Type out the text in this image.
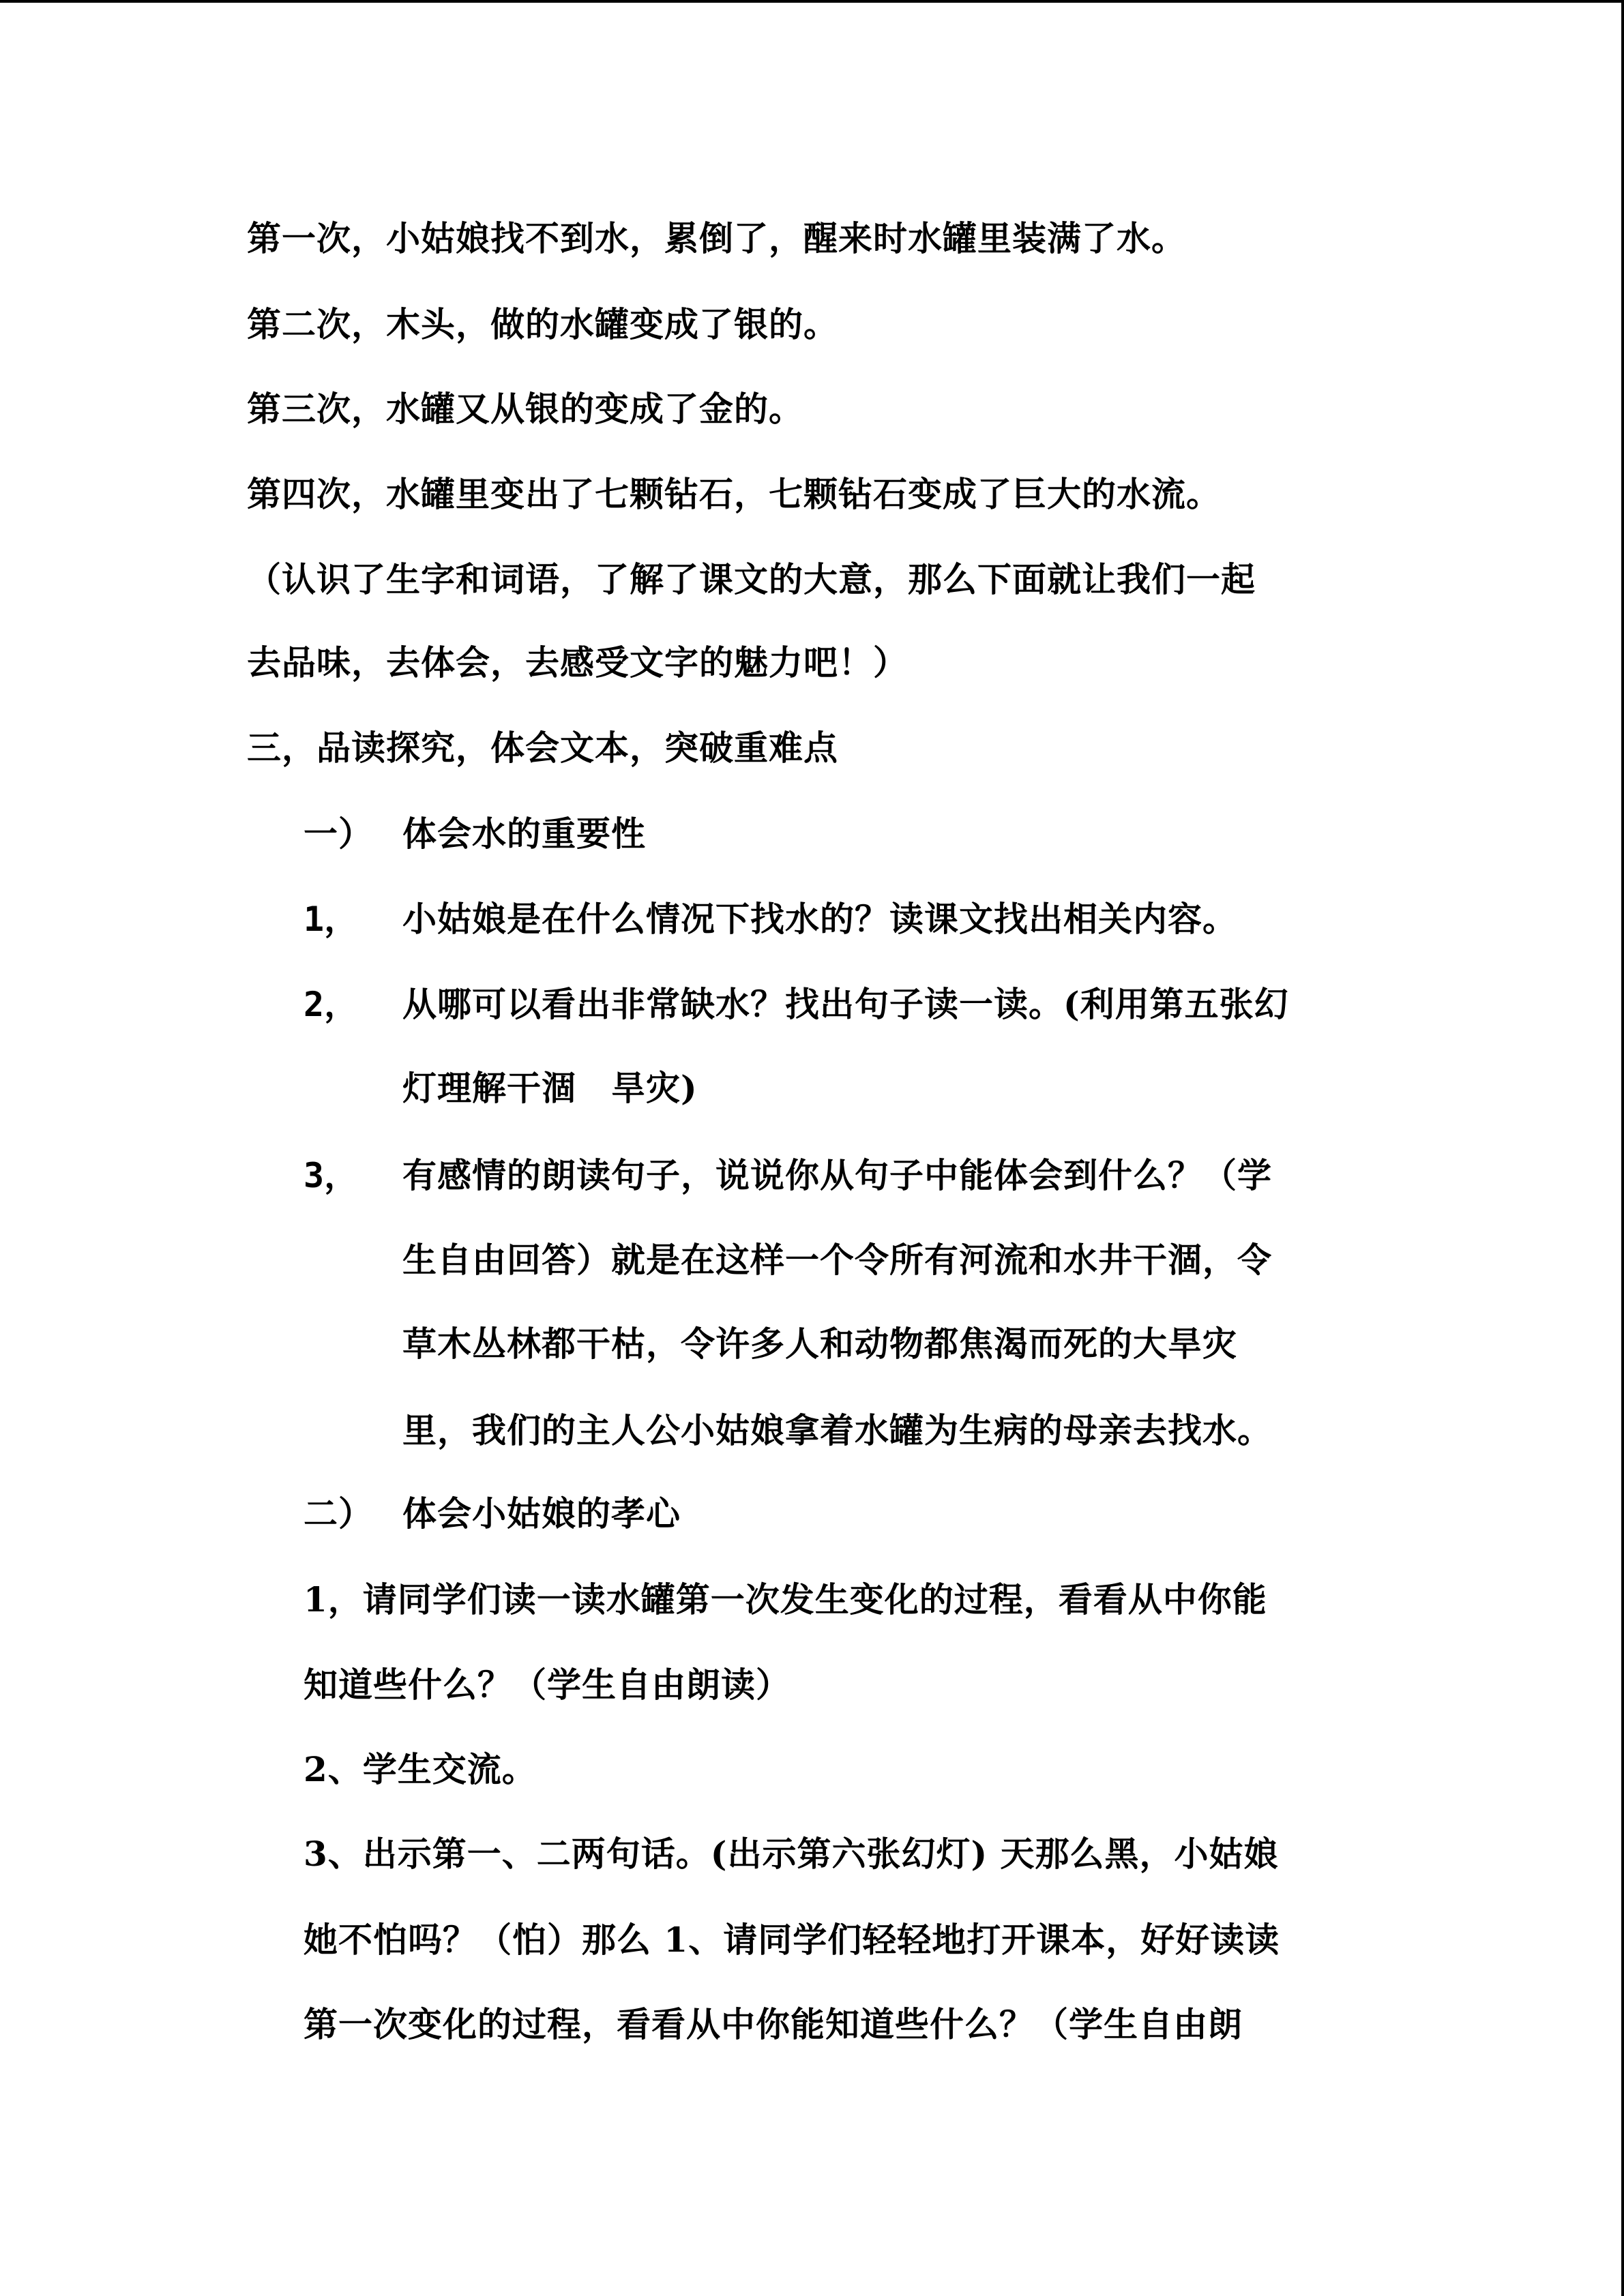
第一次，小姑娘找不到水，累倒了，醒来时水罐里装满了水。
第二次，木头，做的水罐变成了银的。
第三次，水罐又从银的变成了金的。
第四次，水罐里变出了七颗钻石，七颗钻石变成了巨大的水流。
（认识了生字和词语，了解了课文的大意，那么下面就让我们一起
去品味，去体会，去感受文字的魅力吧！）
三，品读探究，体会文本，突破重难点
一） 体会水的重要性
1， 小姑娘是在什么情况下找水的？读课文找出相关内容。
2， 从哪可以看出非常缺水？找出句子读一读。(利用第五张幻
灯理解干涸　旱灾)
3， 有感情的朗读句子，说说你从句子中能体会到什么？（学
生自由回答）就是在这样一个令所有河流和水井干涸，令
草木丛林都干枯，令许多人和动物都焦渴而死的大旱灾
里，我们的主人公小姑娘拿着水罐为生病的母亲去找水。
二） 体会小姑娘的孝心
1，请同学们读一读水罐第一次发生变化的过程，看看从中你能
知道些什么？（学生自由朗读）
2、学生交流。
3、出示第一、二两句话。(出示第六张幻灯) 天那么黑，小姑娘
她不怕吗？（怕）那么 1、请同学们轻轻地打开课本，好好读读
第一次变化的过程，看看从中你能知道些什么？（学生自由朗
